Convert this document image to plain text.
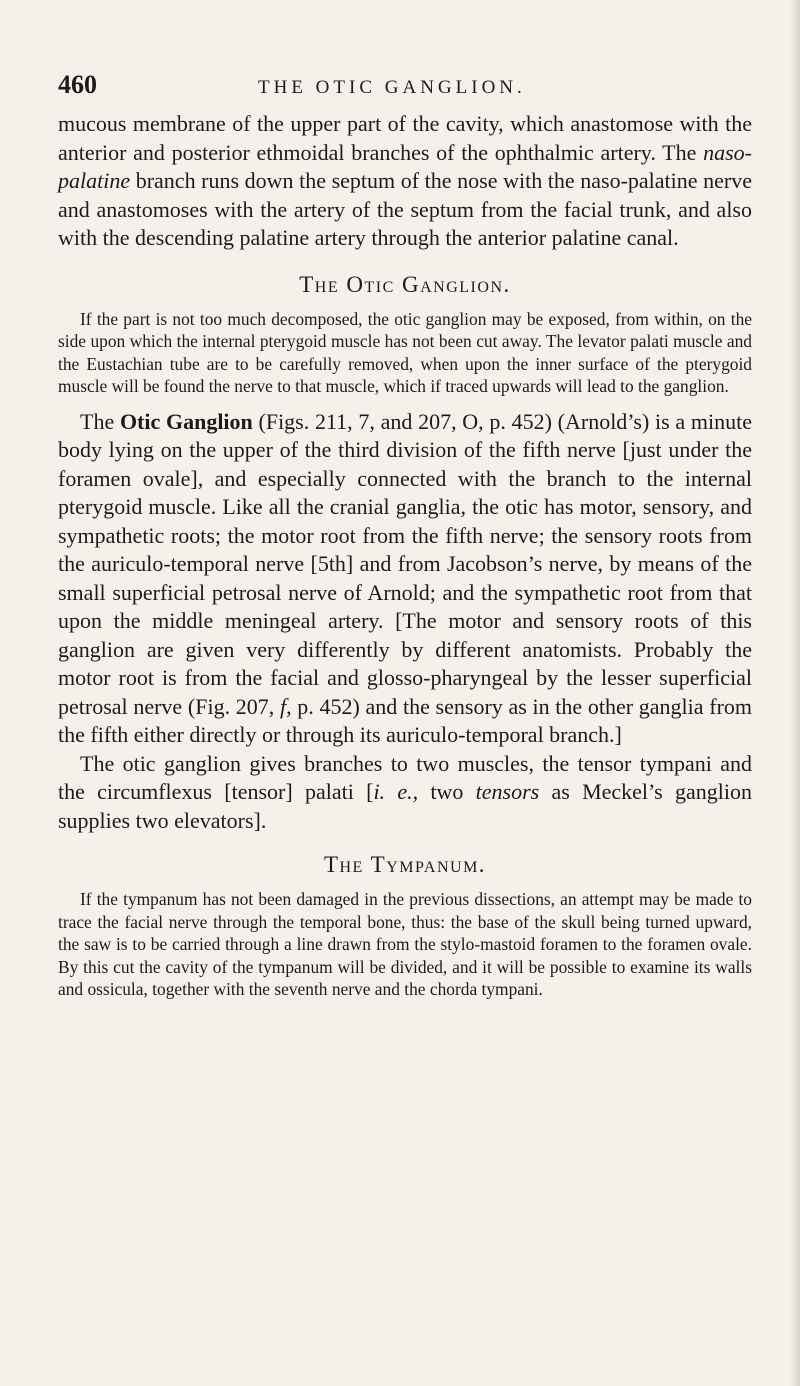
460	THE OTIC GANGLION.

mucous membrane of the upper part of the cavity, which anastomose with the anterior and posterior ethmoidal branches of the ophthalmic artery. The naso-palatine branch runs down the septum of the nose with the naso-palatine nerve and anastomoses with the artery of the septum from the facial trunk, and also with the descending palatine artery through the anterior palatine canal.

The Otic Ganglion.

If the part is not too much decomposed, the otic ganglion may be exposed, from within, on the side upon which the internal pterygoid muscle has not been cut away. The levator palati muscle and the Eustachian tube are to be carefully removed, when upon the inner surface of the pterygoid muscle will be found the nerve to that muscle, which if traced upwards will lead to the ganglion.

The Otic Ganglion (Figs. 211, 7, and 207, O, p. 452) (Arnold’s) is a minute body lying on the upper of the third division of the fifth nerve [just under the foramen ovale], and especially connected with the branch to the internal pterygoid muscle. Like all the cranial ganglia, the otic has motor, sensory, and sympathetic roots; the motor root from the fifth nerve; the sensory roots from the auriculo-temporal nerve [5th] and from Jacobson’s nerve, by means of the small superficial petrosal nerve of Arnold; and the sympathetic root from that upon the middle meningeal artery. [The motor and sensory roots of this ganglion are given very differently by different anatomists. Probably the motor root is from the facial and glosso-pharyngeal by the lesser superficial petrosal nerve (Fig. 207, f, p. 452) and the sensory as in the other ganglia from the fifth either directly or through its auriculo-temporal branch.]

The otic ganglion gives branches to two muscles, the tensor tympani and the circumflexus [tensor] palati [i. e., two tensors as Meckel’s ganglion supplies two elevators].

The Tympanum.

If the tympanum has not been damaged in the previous dissections, an attempt may be made to trace the facial nerve through the temporal bone, thus: the base of the skull being turned upward, the saw is to be carried through a line drawn from the stylo-mastoid foramen to the foramen ovale. By this cut the cavity of the tympanum will be divided, and it will be possible to examine its walls and ossicula, together with the seventh nerve and the chorda tympani.
